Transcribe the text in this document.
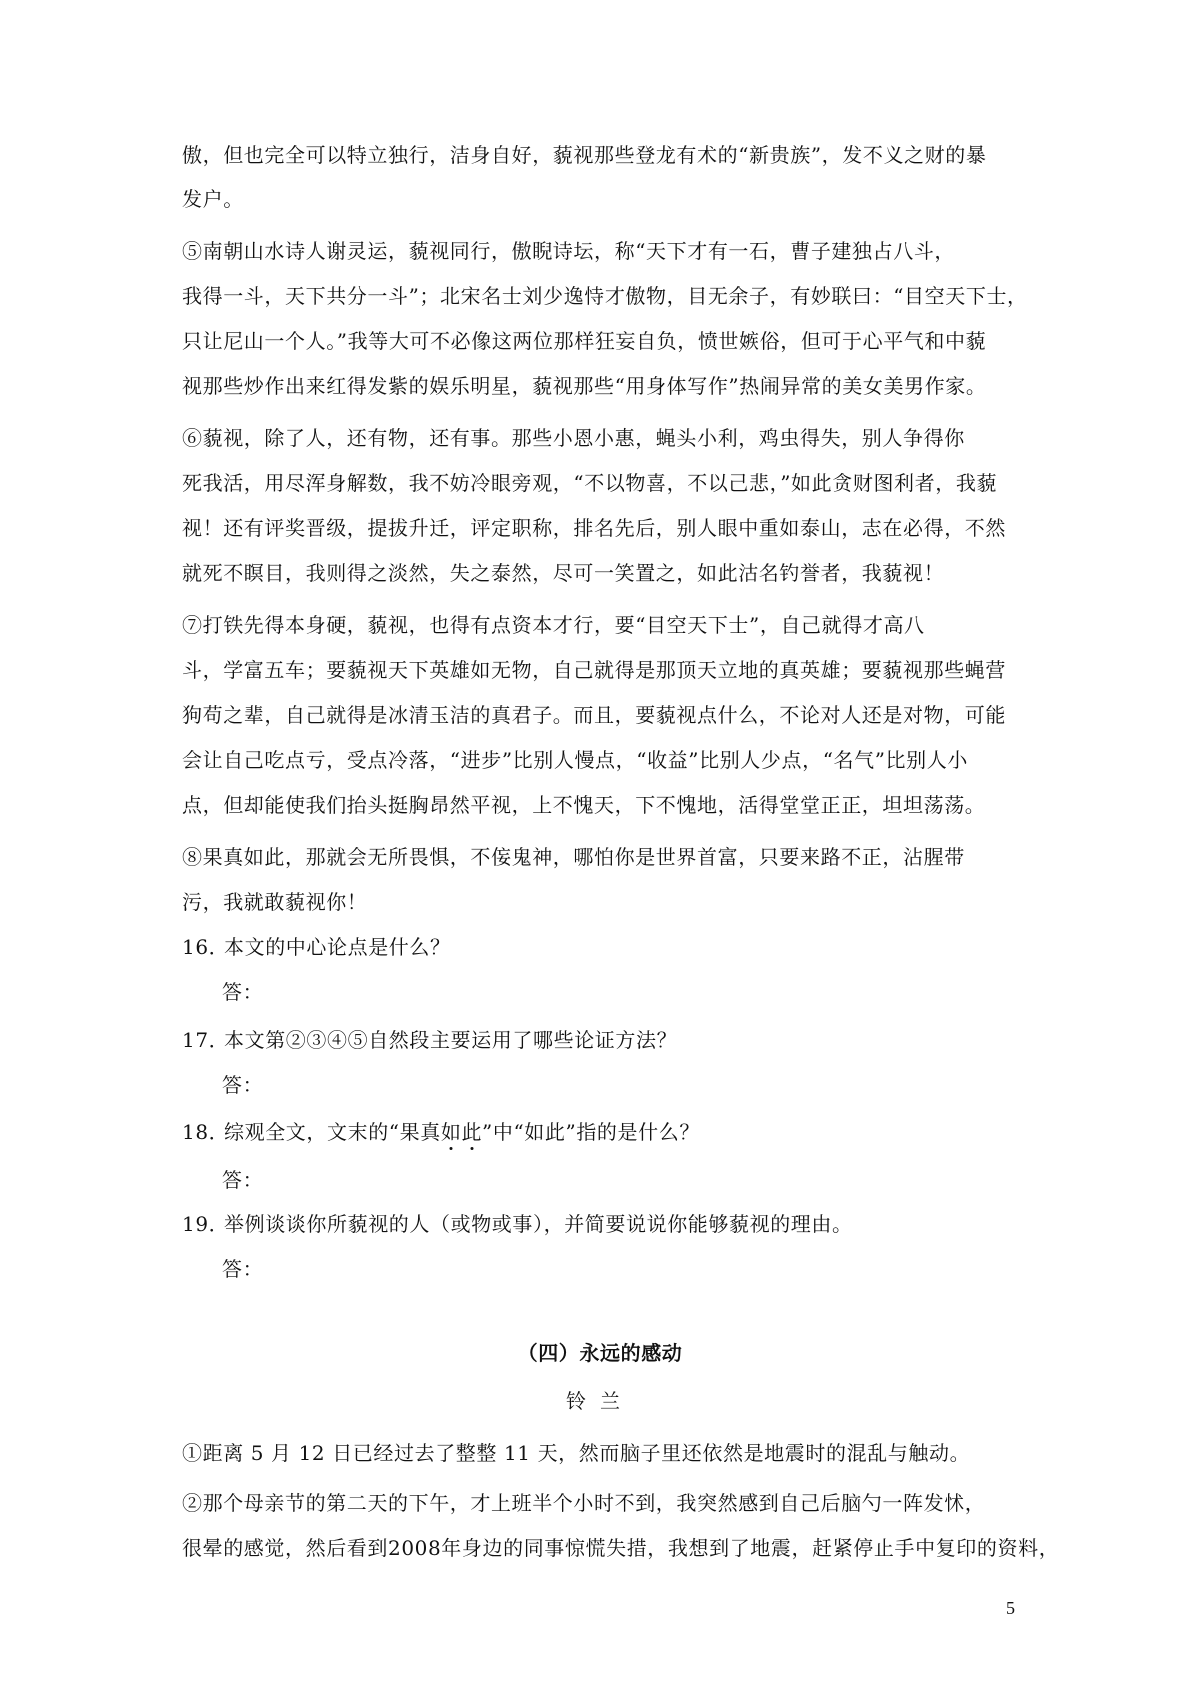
傲，但也完全可以特立独行，洁身自好，藐视那些登龙有术的“新贵族”，发不义之财的暴
发户。
⑤南朝山水诗人谢灵运，藐视同行，傲睨诗坛，称“天下才有一石，曹子建独占八斗，
我得一斗，天下共分一斗”；北宋名士刘少逸恃才傲物，目无余子，有妙联曰：“目空天下士，
只让尼山一个人。”我等大可不必像这两位那样狂妄自负，愤世嫉俗，但可于心平气和中藐
视那些炒作出来红得发紫的娱乐明星，藐视那些“用身体写作”热闹异常的美女美男作家。
⑥藐视，除了人，还有物，还有事。那些小恩小惠，蝇头小利，鸡虫得失，别人争得你
死我活，用尽浑身解数，我不妨冷眼旁观，“不以物喜，不以己悲，”如此贪财图利者，我藐
视！还有评奖晋级，提拔升迁，评定职称，排名先后，别人眼中重如泰山，志在必得，不然
就死不瞑目，我则得之淡然，失之泰然，尽可一笑置之，如此沽名钓誉者，我藐视！
⑦打铁先得本身硬，藐视，也得有点资本才行，要“目空天下士”，自己就得才高八
斗，学富五车；要藐视天下英雄如无物，自己就得是那顶天立地的真英雄；要藐视那些蝇营
狗苟之辈，自己就得是冰清玉洁的真君子。而且，要藐视点什么，不论对人还是对物，可能
会让自己吃点亏，受点冷落，“进步”比别人慢点，“收益”比别人少点，“名气”比别人小
点，但却能使我们抬头挺胸昂然平视，上不愧天，下不愧地，活得堂堂正正，坦坦荡荡。
⑧果真如此，那就会无所畏惧，不侫鬼神，哪怕你是世界首富，只要来路不正，沾腥带
污，我就敢藐视你！
16．本文的中心论点是什么？
答：
17．本文第②③④⑤自然段主要运用了哪些论证方法？
答：
18．综观全文，文末的“果真如此”中“如此”指的是什么？
答：
19．举例谈谈你所藐视的人（或物或事），并简要说说你能够藐视的理由。
答：
（四）永远的感动
铃兰
①距离 5 月 12 日已经过去了整整 11 天，然而脑子里还依然是地震时的混乱与触动。
②那个母亲节的第二天的下午，才上班半个小时不到，我突然感到自己后脑勺一阵发怵，
很晕的感觉，然后看到2008年身边的同事惊慌失措，我想到了地震，赶紧停止手中复印的资料，
5
